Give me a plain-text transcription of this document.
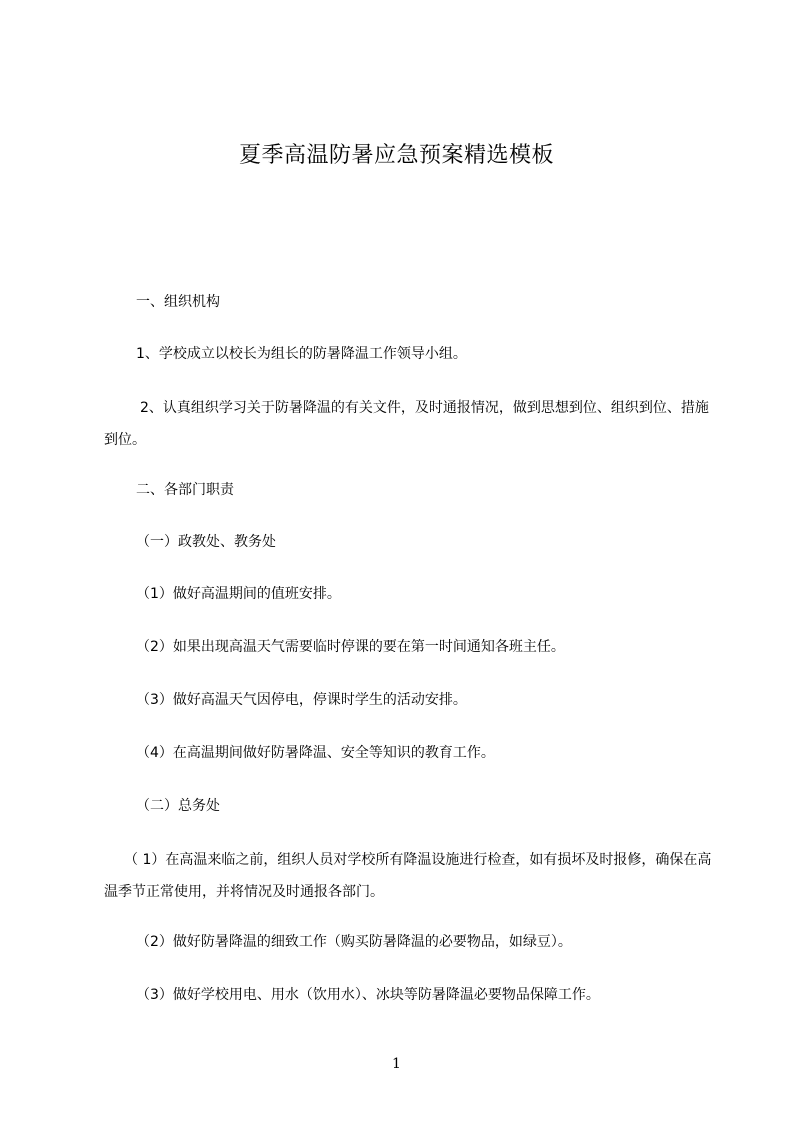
夏季高温防暑应急预案精选模板

一、组织机构

1、学校成立以校长为组长的防暑降温工作领导小组。

2、认真组织学习关于防暑降温的有关文件，及时通报情况，做到思想到位、组织到位、措施到位。

二、各部门职责

（一）政教处、教务处

（1）做好高温期间的值班安排。

（2）如果出现高温天气需要临时停课的要在第一时间通知各班主任。

（3）做好高温天气因停电，停课时学生的活动安排。

（4）在高温期间做好防暑降温、安全等知识的教育工作。

（二）总务处

（ 1）在高温来临之前，组织人员对学校所有降温设施进行检查，如有损坏及时报修，确保在高温季节正常使用，并将情况及时通报各部门。

（2）做好防暑降温的细致工作（购买防暑降温的必要物品，如绿豆）。

（3）做好学校用电、用水（饮用水）、冰块等防暑降温必要物品保障工作。

1
